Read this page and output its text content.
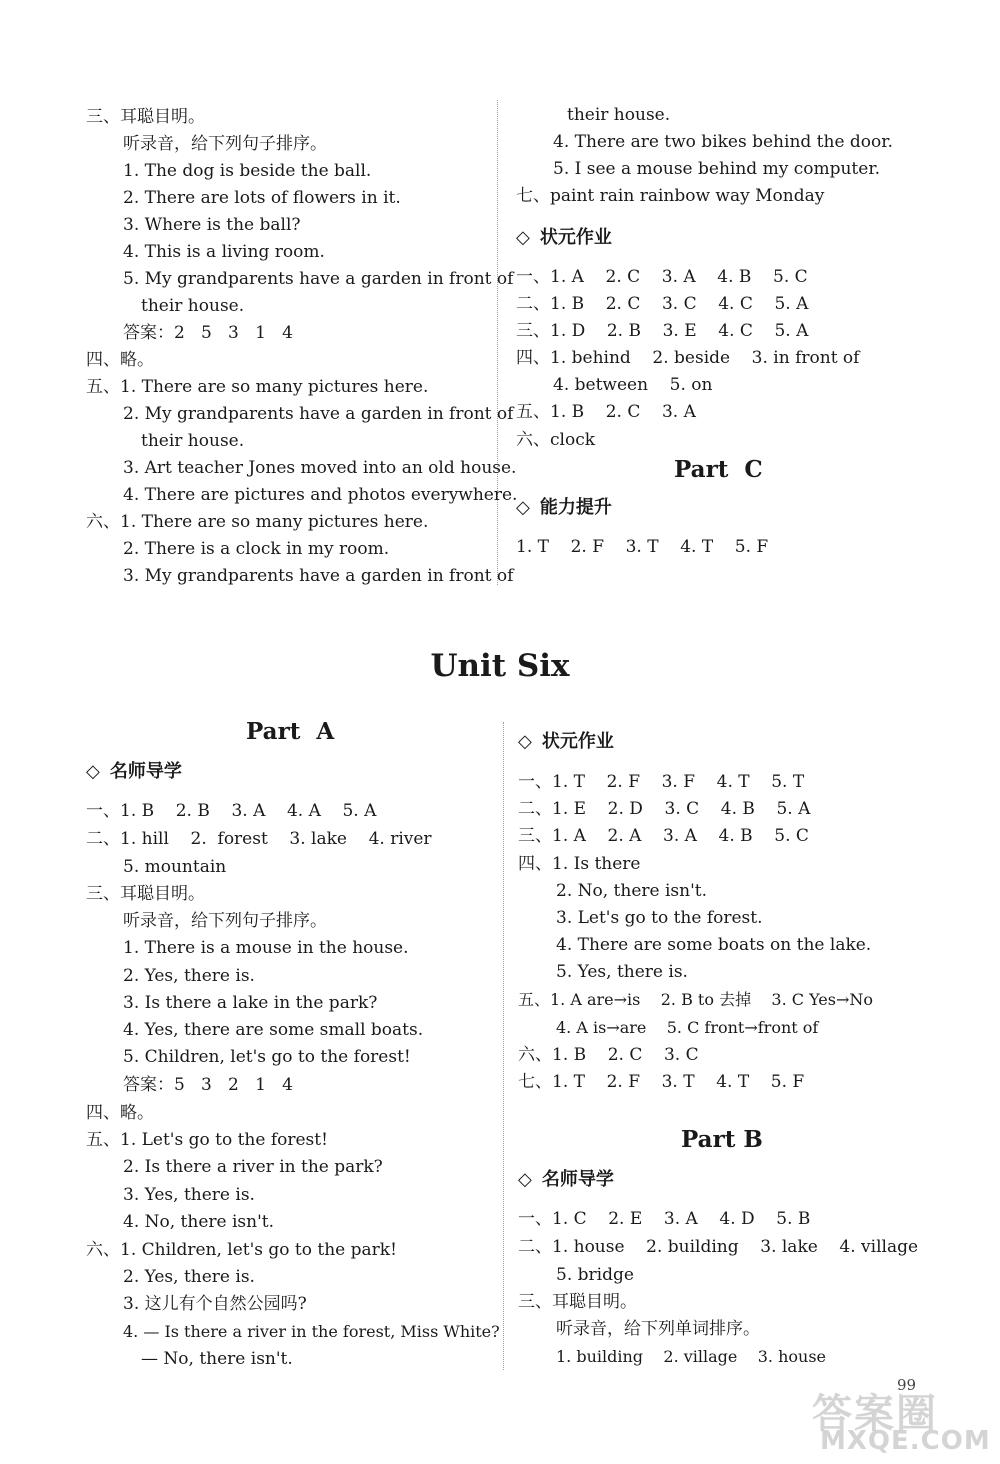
三、耳聪目明。
听录音，给下列句子排序。
1. The dog is beside the ball.
2. There are lots of flowers in it.
3. Where is the ball?
4. This is a living room.
5. My grandparents have a garden in front of
their house.
答案：2   5   3   1   4
四、略。
五、1. There are so many pictures here.
2. My grandparents have a garden in front of
their house.
3. Art teacher Jones moved into an old house.
4. There are pictures and photos everywhere.
六、1. There are so many pictures here.
2. There is a clock in my room.
3. My grandparents have a garden in front of
their house.
4. There are two bikes behind the door.
5. I see a mouse behind my computer.
七、paint rain rainbow way Monday
◇ 状元作业
一、1. A    2. C    3. A    4. B    5. C
二、1. B    2. C    3. C    4. C    5. A
三、1. D    2. B    3. E    4. C    5. A
四、1. behind    2. beside    3. in front of
4. between    5. on
五、1. B    2. C    3. A
六、clock
Part  C
◇ 能力提升
1. T    2. F    3. T    4. T    5. F
Unit Six
Part  A
◇ 名师导学
一、1. B    2. B    3. A    4. A    5. A
二、1. hill    2.  forest    3. lake    4. river
5. mountain
三、耳聪目明。
听录音，给下列句子排序。
1. There is a mouse in the house.
2. Yes, there is.
3. Is there a lake in the park?
4. Yes, there are some small boats.
5. Children, let's go to the forest!
答案：5   3   2   1   4
四、略。
五、1. Let's go to the forest!
2. Is there a river in the park?
3. Yes, there is.
4. No, there isn't.
六、1. Children, let's go to the park!
2. Yes, there is.
3. 这儿有个自然公园吗?
4. — Is there a river in the forest, Miss White?
— No, there isn't.
◇ 状元作业
一、1. T    2. F    3. F    4. T    5. T
二、1. E    2. D    3. C    4. B    5. A
三、1. A    2. A    3. A    4. B    5. C
四、1. Is there
2. No, there isn't.
3. Let's go to the forest.
4. There are some boats on the lake.
5. Yes, there is.
五、1. A are→is    2. B to 去掉    3. C Yes→No
4. A is→are    5. C front→front of
六、1. B    2. C    3. C
七、1. T    2. F    3. T    4. T    5. F
Part B
◇ 名师导学
一、1. C    2. E    3. A    4. D    5. B
二、1. house    2. building    3. lake    4. village
5. bridge
三、耳聪目明。
听录音，给下列单词排序。
1. building    2. village    3. house
99
答案圈
MXQE.COM
